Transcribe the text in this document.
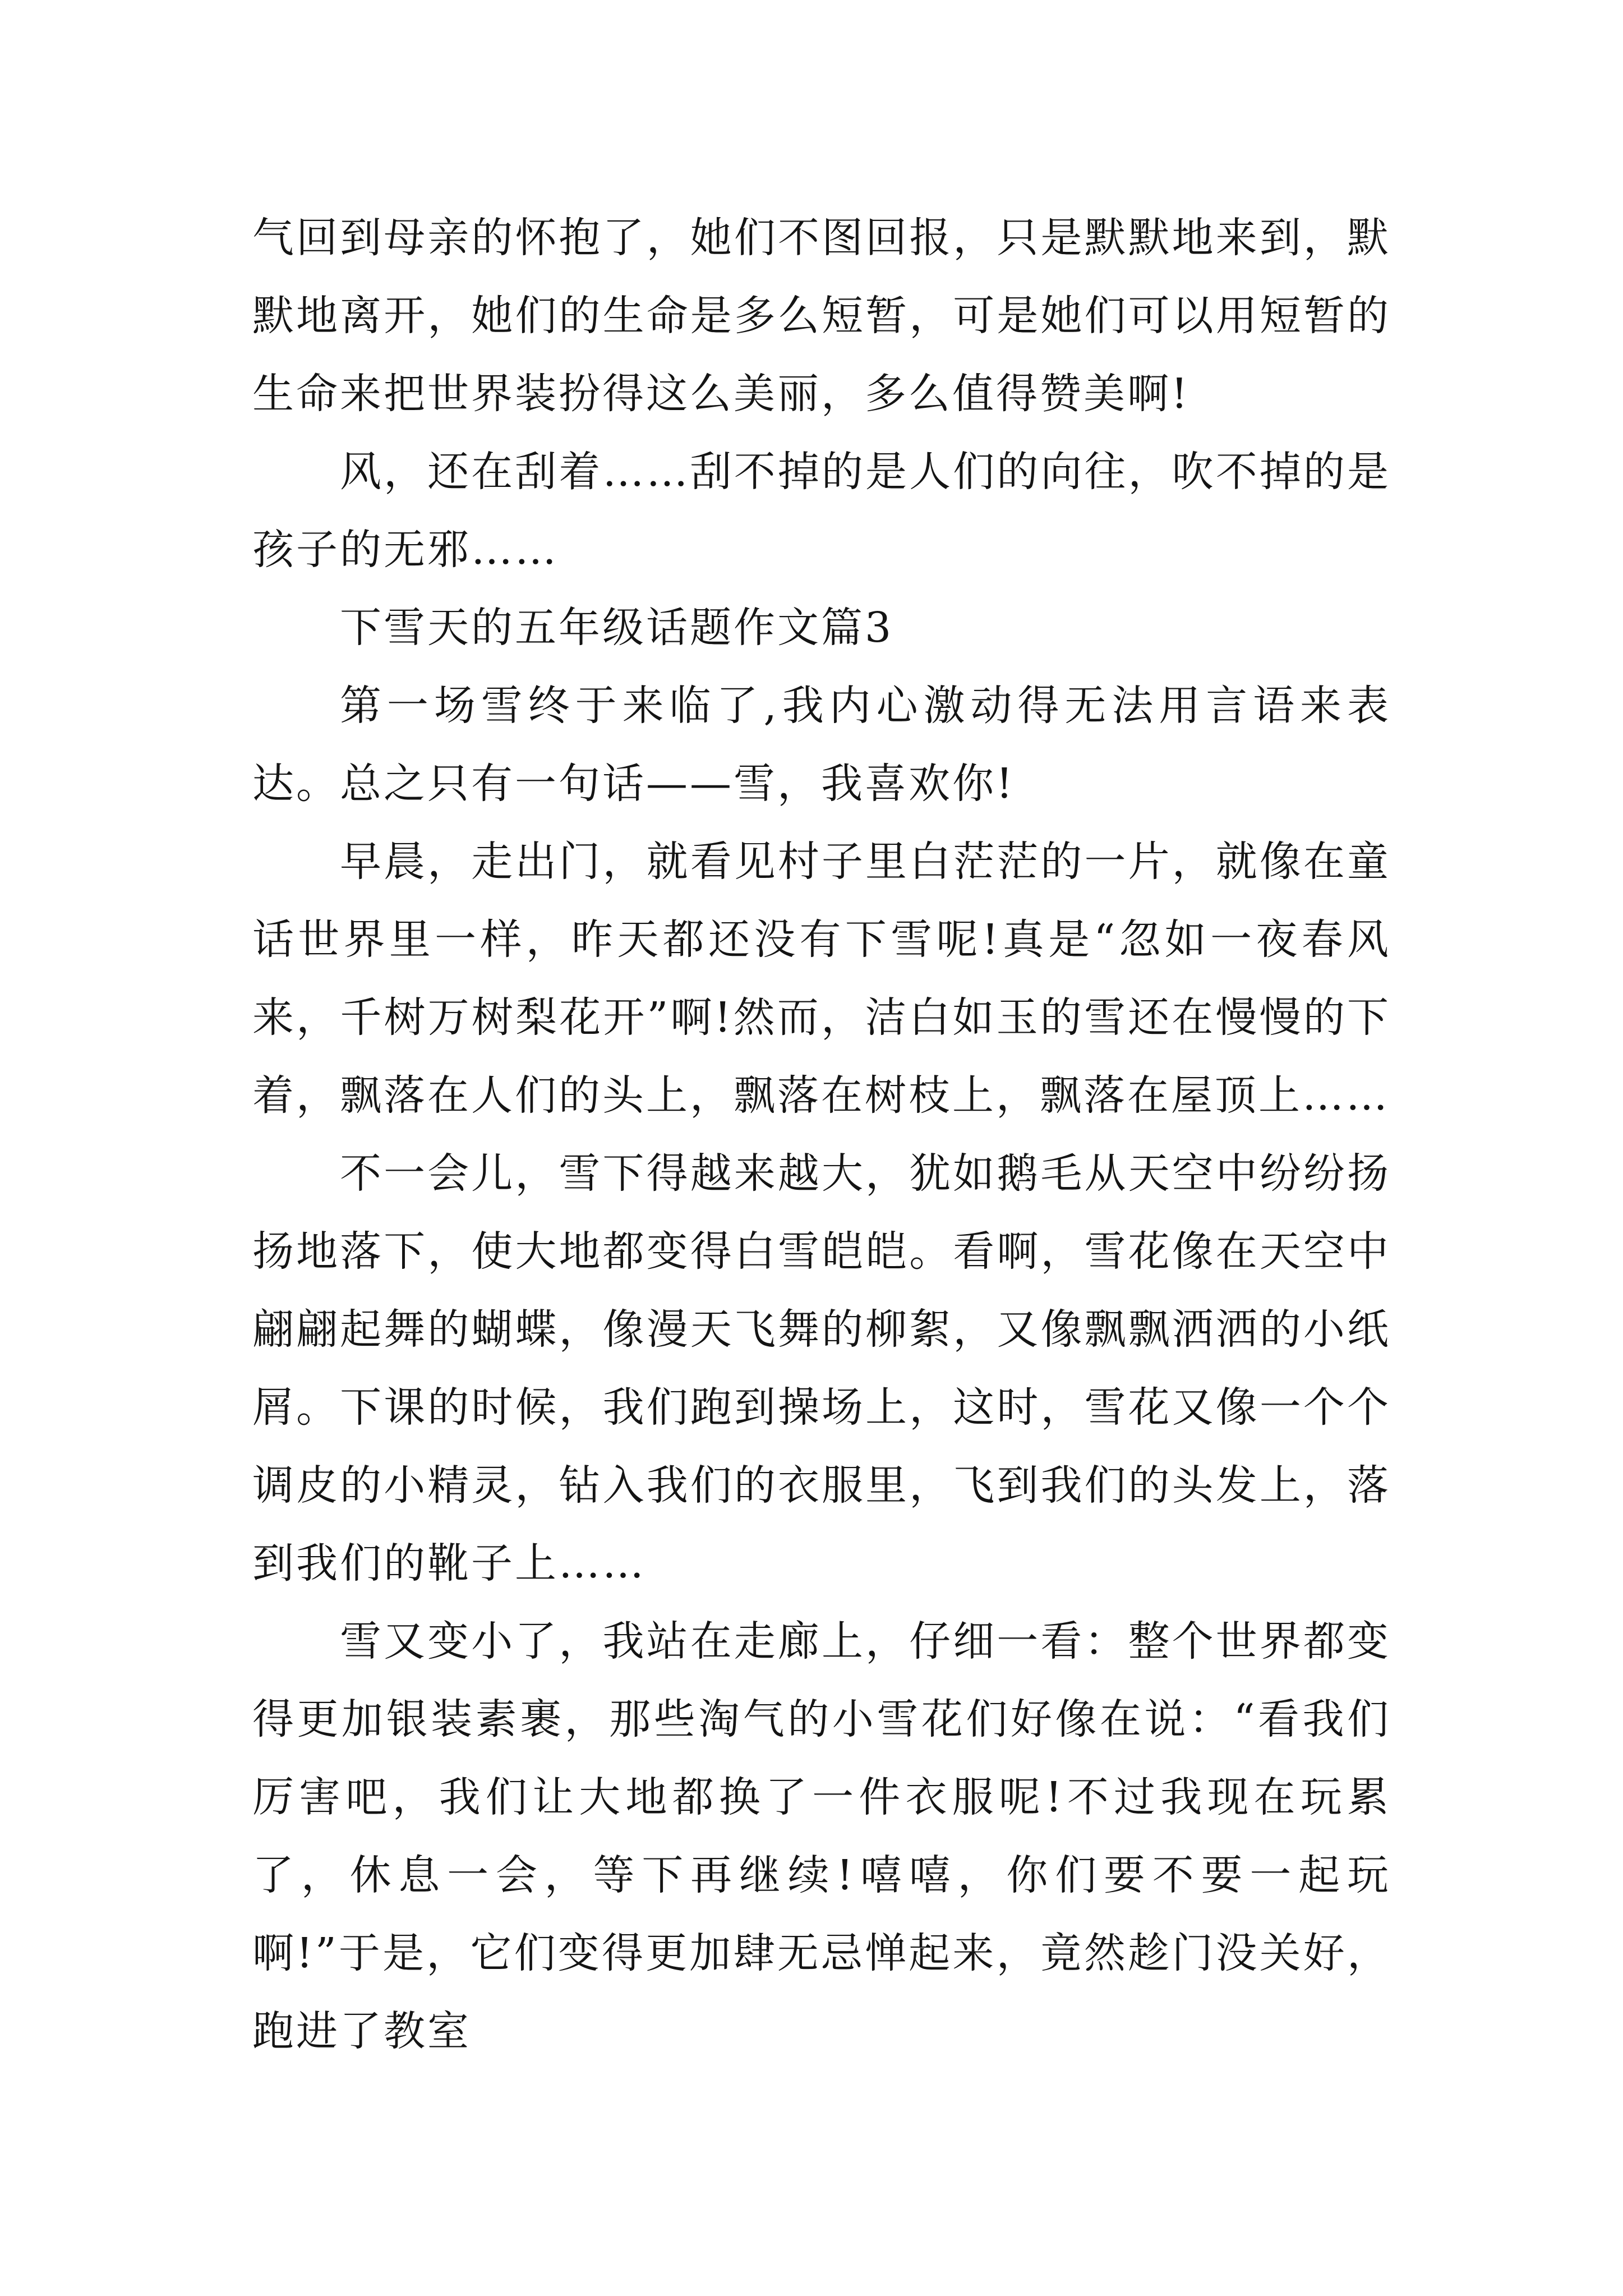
气回到母亲的怀抱了，她们不图回报，只是默默地来到，默默地离开，她们的生命是多么短暂，可是她们可以用短暂的生命来把世界装扮得这么美丽，多么值得赞美啊!

风，还在刮着……刮不掉的是人们的向往，吹不掉的是孩子的无邪……

下雪天的五年级话题作文篇3

第一场雪终于来临了,我内心激动得无法用言语来表达。总之只有一句话——雪，我喜欢你!

早晨，走出门，就看见村子里白茫茫的一片，就像在童话世界里一样，昨天都还没有下雪呢!真是“忽如一夜春风来，千树万树梨花开”啊!然而，洁白如玉的雪还在慢慢的下着，飘落在人们的头上，飘落在树枝上，飘落在屋顶上……

不一会儿，雪下得越来越大，犹如鹅毛从天空中纷纷扬扬地落下，使大地都变得白雪皑皑。看啊，雪花像在天空中翩翩起舞的蝴蝶，像漫天飞舞的柳絮，又像飘飘洒洒的小纸屑。下课的时候，我们跑到操场上，这时，雪花又像一个个调皮的小精灵，钻入我们的衣服里，飞到我们的头发上，落到我们的靴子上……

雪又变小了，我站在走廊上，仔细一看：整个世界都变得更加银装素裹，那些淘气的小雪花们好像在说：“看我们厉害吧，我们让大地都换了一件衣服呢!不过我现在玩累了，休息一会，等下再继续!嘻嘻，你们要不要一起玩啊!”于是，它们变得更加肆无忌惮起来，竟然趁门没关好，跑进了教室
